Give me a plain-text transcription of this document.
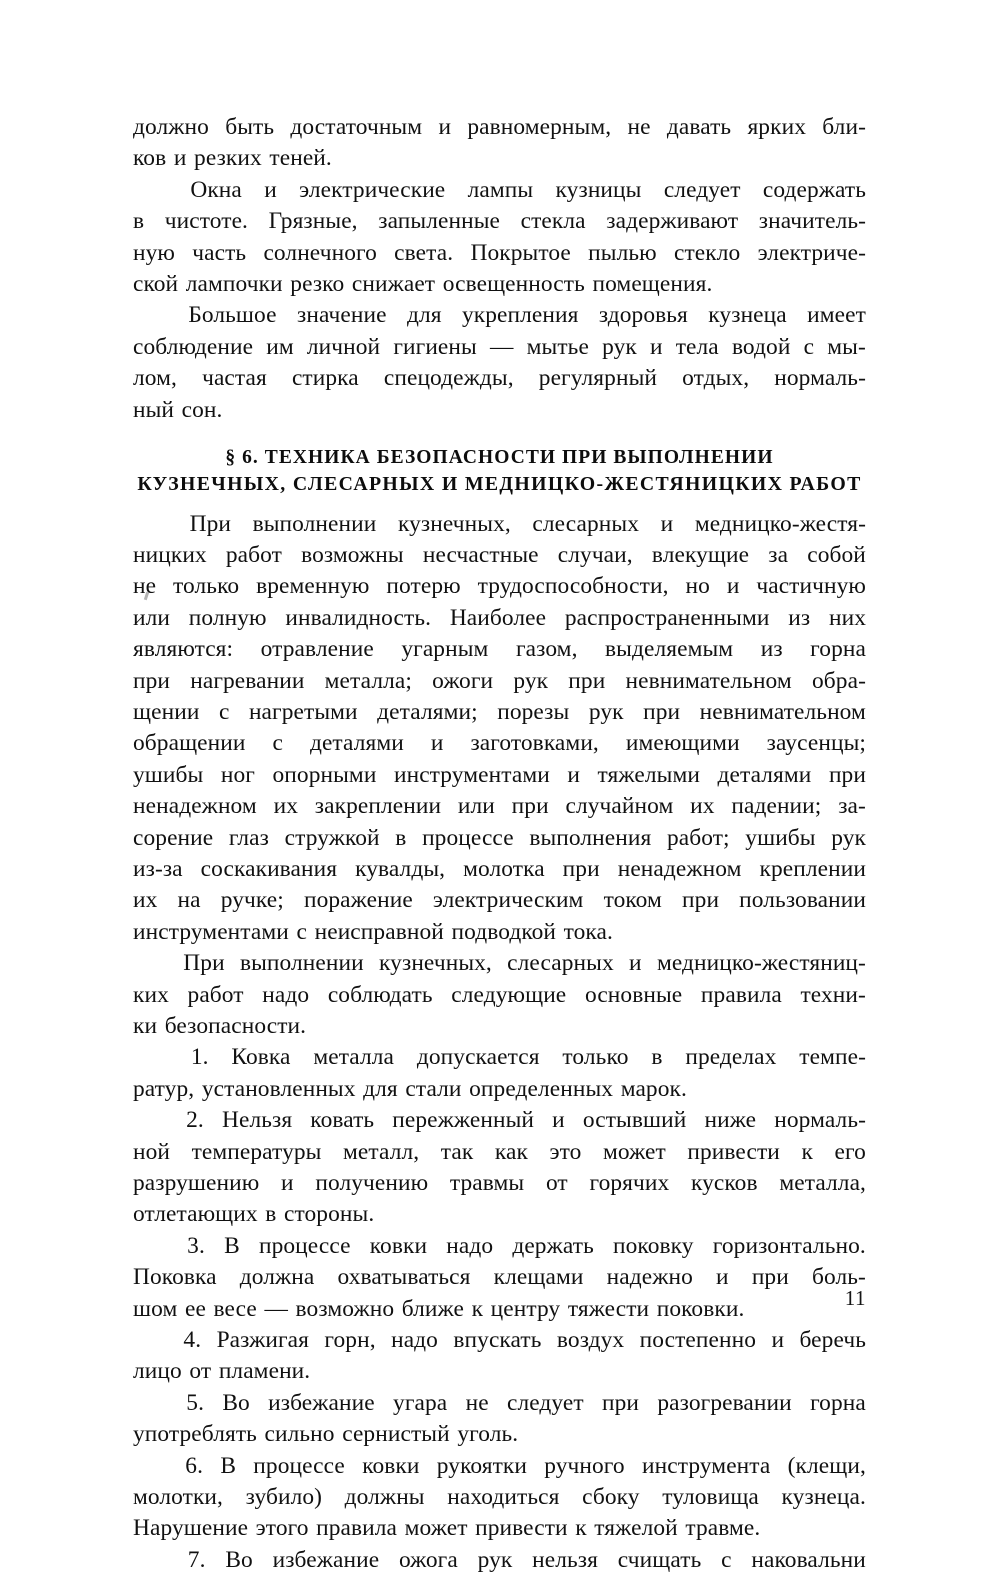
должно быть достаточным и равномерным, не давать ярких бли-
ков и резких теней.
Окна и электрические лампы кузницы следует содержать
в чистоте. Грязные, запыленные стекла задерживают значитель-
ную часть солнечного света. Покрытое пылью стекло электриче-
ской лампочки резко снижает освещенность помещения.
Большое значение для укрепления здоровья кузнеца имеет
соблюдение им личной гигиены — мытье рук и тела водой с мы-
лом, частая стирка спецодежды, регулярный отдых, нормаль-
ный сон.
При выполнении кузнечных, слесарных и медницко-жестя-
ницких работ возможны несчастные случаи, влекущие за собой
не только временную потерю трудоспособности, но и частичную
или полную инвалидность. Наиболее распространенными из них
являются: отравление угарным газом, выделяемым из горна
при нагревании металла; ожоги рук при невнимательном обра-
щении с нагретыми деталями; порезы рук при невнимательном
обращении с деталями и заготовками, имеющими заусенцы;
ушибы ног опорными инструментами и тяжелыми деталями при
ненадежном их закреплении или при случайном их падении; за-
сорение глаз стружкой в процессе выполнения работ; ушибы рук
из-за соскакивания кувалды, молотка при ненадежном креплении
их на ручке; поражение электрическим током при пользовании
инструментами с неисправной подводкой тока.
При выполнении кузнечных, слесарных и медницко-жестяниц-
ких работ надо соблюдать следующие основные правила техни-
ки безопасности.
1. Ковка металла допускается только в пределах темпе-
ратур, установленных для стали определенных марок.
2. Нельзя ковать пережженный и остывший ниже нормаль-
ной температуры металл, так как это может привести к его
разрушению и получению травмы от горячих кусков металла,
отлетающих в стороны.
3. В процессе ковки надо держать поковку горизонтально.
Поковка должна охватываться клещами надежно и при боль-
шом ее весе — возможно ближе к центру тяжести поковки.
4. Разжигая горн, надо впускать воздух постепенно и беречь
лицо от пламени.
5. Во избежание угара не следует при разогревании горна
употреблять сильно сернистый уголь.
6. В процессе ковки рукоятки ручного инструмента (клещи,
молотки, зубило) должны находиться сбоку туловища кузнеца.
Нарушение этого правила может привести к тяжелой травме.
7. Во избежание ожога рук нельзя счищать с наковальни
§ 6. ТЕХНИКА БЕЗОПАСНОСТИ ПРИ ВЫПОЛНЕНИИ
КУЗНЕЧНЫХ, СЛЕСАРНЫХ И МЕДНИЦКО-ЖЕСТЯНИЦКИХ РАБОТ
11
